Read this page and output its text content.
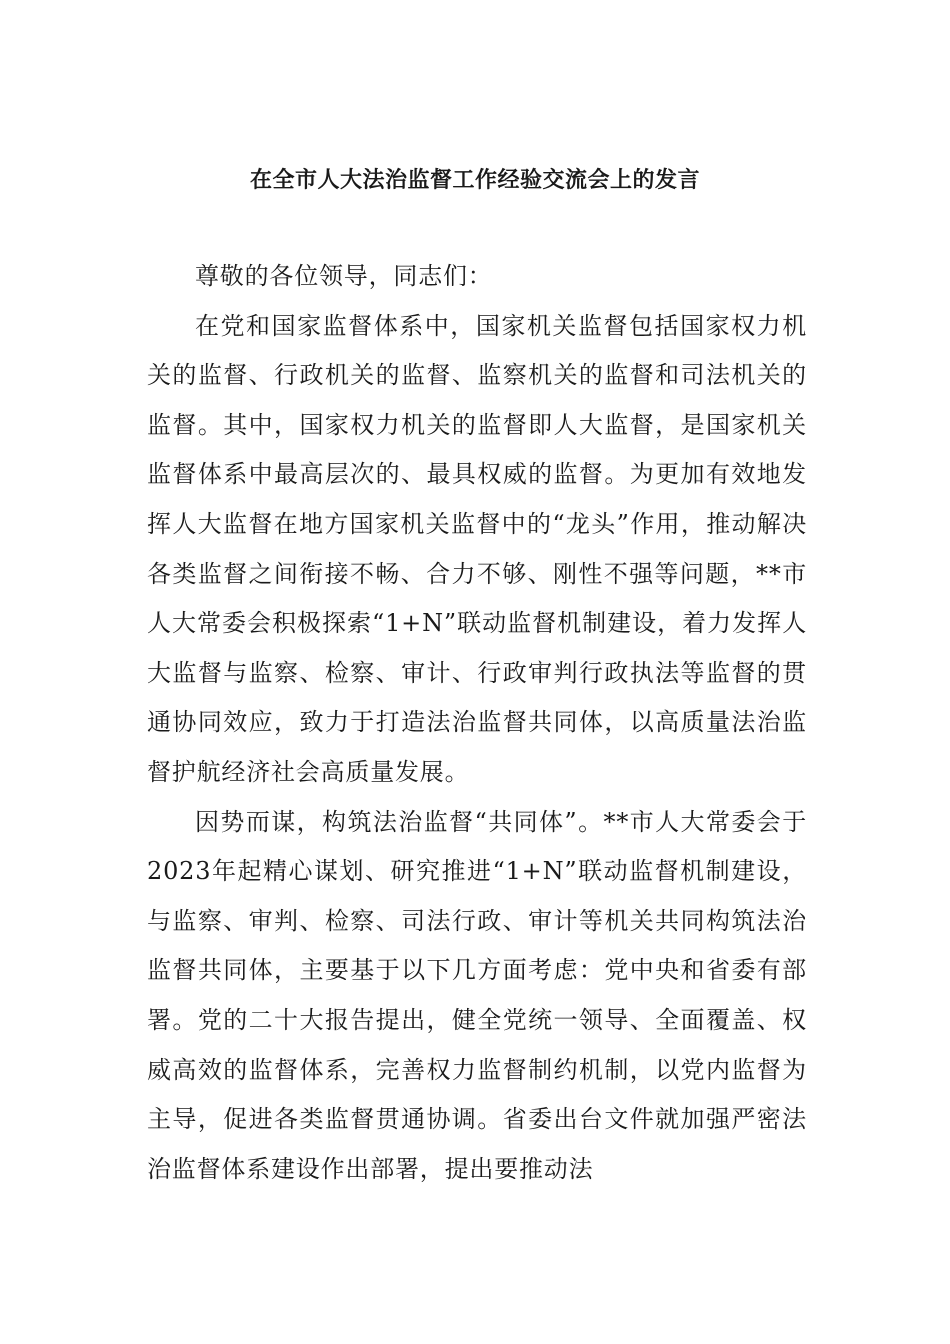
在全市人大法治监督工作经验交流会上的发言

尊敬的各位领导，同志们：

在党和国家监督体系中，国家机关监督包括国家权力机关的监督、行政机关的监督、监察机关的监督和司法机关的监督。其中，国家权力机关的监督即人大监督，是国家机关监督体系中最高层次的、最具权威的监督。为更加有效地发挥人大监督在地方国家机关监督中的“龙头”作用，推动解决各类监督之间衔接不畅、合力不够、刚性不强等问题，**市人大常委会积极探索“1+N”联动监督机制建设，着力发挥人大监督与监察、检察、审计、行政审判行政执法等监督的贯通协同效应，致力于打造法治监督共同体，以高质量法治监督护航经济社会高质量发展。

因势而谋，构筑法治监督“共同体”。**市人大常委会于2023年起精心谋划、研究推进“1+N”联动监督机制建设，与监察、审判、检察、司法行政、审计等机关共同构筑法治监督共同体，主要基于以下几方面考虑：党中央和省委有部署。党的二十大报告提出，健全党统一领导、全面覆盖、权威高效的监督体系，完善权力监督制约机制，以党内监督为主导，促进各类监督贯通协调。省委出台文件就加强严密法治监督体系建设作出部署，提出要推动法
